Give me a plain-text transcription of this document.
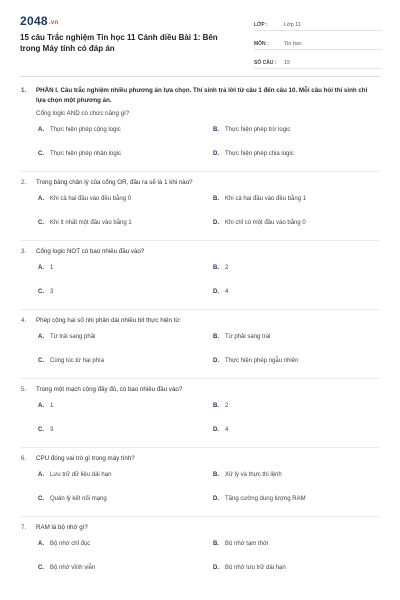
2048.vn
15 câu Trắc nghiệm Tin học 11 Cánh diều Bài 1: Bên trong Máy tính có đáp án
LỚP :	Lớp 11
MÔN :	Tin học
SỐ CÂU :	15
1. PHẦN I. Câu trắc nghiệm nhiều phương án lựa chọn. Thí sinh trả lời từ câu 1 đến câu 10. Mỗi câu hỏi thí sinh chỉ lựa chọn một phương án.
Cổng logic AND có chức năng gì?
A. Thực hiện phép cộng logic	B. Thực hiện phép trừ logic
C. Thực hiện phép nhân logic	D. Thực hiện phép chia logic
2. Trong bảng chân lý của cổng OR, đầu ra sẽ là 1 khi nào?
A. Khi cả hai đầu vào đều bằng 0	B. Khi cả hai đầu vào đều bằng 1
C. Khi ít nhất một đầu vào bằng 1	D. Khi chỉ có một đầu vào bằng 0
3. Cổng logic NOT có bao nhiêu đầu vào?
A. 1	B. 2
C. 3	D. 4
4. Phép cộng hai số nhị phân dài nhiều bit thực hiện từ:
A. Từ trái sang phải	B. Từ phải sang trái
C. Cùng lúc từ hai phía	D. Thực hiện phép ngẫu nhiên
5. Trong một mạch cộng đầy đủ, có bao nhiêu đầu vào?
A. 1	B. 2
C. 3	D. 4
6. CPU đóng vai trò gì trong máy tính?
A. Lưu trữ dữ liệu dài hạn	B. Xử lý và thực thi lệnh
C. Quản lý kết nối mạng	D. Tăng cường dung lượng RAM
7. RAM là bộ nhớ gì?
A. Bộ nhớ chỉ đọc	B. Bộ nhớ tạm thời
C. Bộ nhớ vĩnh viễn	D. Bộ nhớ lưu trữ dài hạn
